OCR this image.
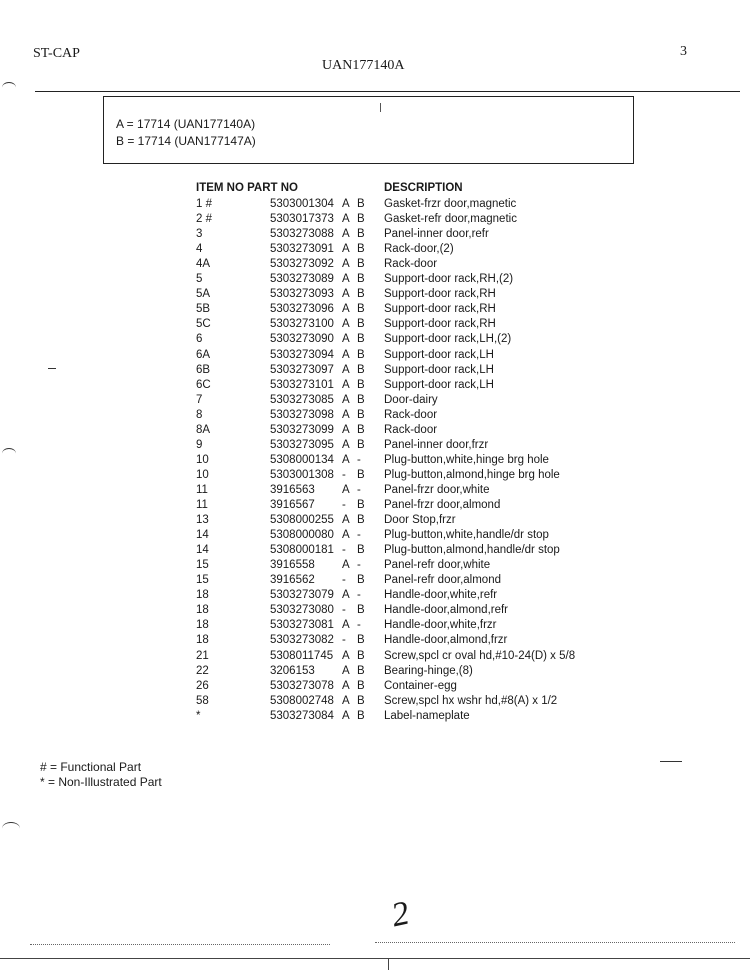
ST-CAP
UAN177140A
3
A = 17714 (UAN177140A)
B = 17714 (UAN177147A)
ITEM NO PART NO	DESCRIPTION
1 #	5303001304 A B Gasket-frzr door,magnetic
2 #	5303017373 A B Gasket-refr door,magnetic
3	5303273088 A B Panel-inner door,refr
4	5303273091 A B Rack-door,(2)
4A	5303273092 A B Rack-door
5	5303273089 A B Support-door rack,RH,(2)
5A	5303273093 A B Support-door rack,RH
5B	5303273096 A B Support-door rack,RH
5C	5303273100 A B Support-door rack,RH
6	5303273090 A B Support-door rack,LH,(2)
6A	5303273094 A B Support-door rack,LH
6B	5303273097 A B Support-door rack,LH
6C	5303273101 A B Support-door rack,LH
7	5303273085 A B Door-dairy
8	5303273098 A B Rack-door
8A	5303273099 A B Rack-door
9	5303273095 A B Panel-inner door,frzr
10	5308000134 A - Plug-button,white,hinge brg hole
10	5303001308 - B Plug-button,almond,hinge brg hole
11	3916563 A - Panel-frzr door,white
11	3916567 - B Panel-frzr door,almond
13	5308000255 A B Door Stop,frzr
14	5308000080 A - Plug-button,white,handle/dr stop
14	5308000181 - B Plug-button,almond,handle/dr stop
15	3916558 A - Panel-refr door,white
15	3916562 - B Panel-refr door,almond
18	5303273079 A - Handle-door,white,refr
18	5303273080 - B Handle-door,almond,refr
18	5303273081 A - Handle-door,white,frzr
18	5303273082 - B Handle-door,almond,frzr
21	5308011745 A B Screw,spcl cr oval hd,#10-24(D) x 5/8
22	3206153 A B Bearing-hinge,(8)
26	5303273078 A B Container-egg
58	5308002748 A B Screw,spcl hx wshr hd,#8(A) x 1/2
*	5303273084 A B Label-nameplate
# = Functional Part
* = Non-Illustrated Part
2
